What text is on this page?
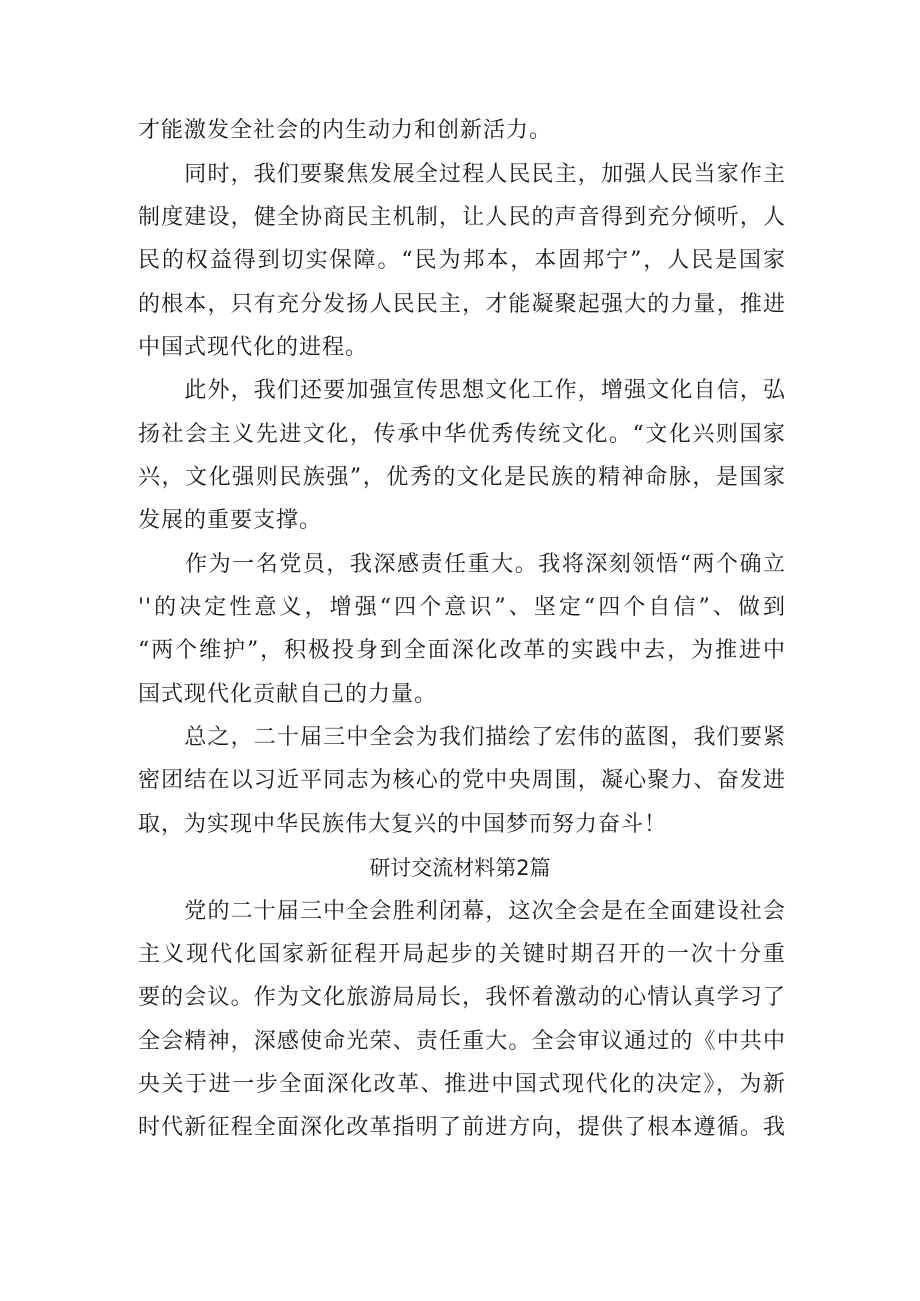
才能激发全社会的内生动力和创新活力。
　　同时，我们要聚焦发展全过程人民民主，加强人民当家作主
制度建设，健全协商民主机制，让人民的声音得到充分倾听，人
民的权益得到切实保障。“民为邦本，本固邦宁”，人民是国家
的根本，只有充分发扬人民民主，才能凝聚起强大的力量，推进
中国式现代化的进程。
　　此外，我们还要加强宣传思想文化工作，增强文化自信，弘
扬社会主义先进文化，传承中华优秀传统文化。“文化兴则国家
兴，文化强则民族强”，优秀的文化是民族的精神命脉，是国家
发展的重要支撑。
　　作为一名党员，我深感责任重大。我将深刻领悟“两个确立
''的决定性意义，增强“四个意识”、坚定“四个自信”、做到
“两个维护”，积极投身到全面深化改革的实践中去，为推进中
国式现代化贡献自己的力量。
　　总之，二十届三中全会为我们描绘了宏伟的蓝图，我们要紧
密团结在以习近平同志为核心的党中央周围，凝心聚力、奋发进
取，为实现中华民族伟大复兴的中国梦而努力奋斗！
研讨交流材料第2篇
　　党的二十届三中全会胜利闭幕，这次全会是在全面建设社会
主义现代化国家新征程开局起步的关键时期召开的一次十分重
要的会议。作为文化旅游局局长，我怀着激动的心情认真学习了
全会精神，深感使命光荣、责任重大。全会审议通过的《中共中
央关于进一步全面深化改革、推进中国式现代化的决定》，为新
时代新征程全面深化改革指明了前进方向，提供了根本遵循。我
